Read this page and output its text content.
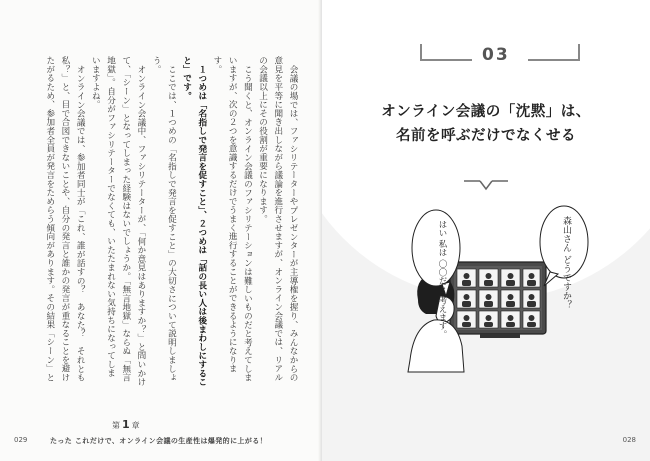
会議の場では、ファシリテーターやプレゼンターが主導権を握り、みんなからの意見を平等に聞き出しながら議論を進行させますが、オンライン会議では、リアルの会議以上にその役割が重要になります。

こう聞くと、オンライン会議のファシリテーションは難しいものだと考えてしまいますが、次の２つを意識するだけでうまく進行することができるようになります。

１つめは「名指しで発言を促すこと」、２つめは「話の長い人は後まわしにすること」です。

ここでは、１つめの「名指しで発言を促すこと」の大切さについて説明しましょう。

オンライン会議中、ファシリテーターが、「何か意見はありますか？」と問いかけて、「シーン」となってしまった経験はないでしょうか。「無言地獄」ならぬ「無言地獄」。自分がファシリテーターでなくても、いたたまれない気持ちになってしまいますよね。

オンライン会議では、参加者同士が「これ、誰が話すの？　あなた？　それとも私？」と、目で合図できないことや、自分の発言と誰かの発言が重なることを避けたがるため、参加者全員が発言をためらう傾向があります。その結果「シーン」と

第 1 章
029	たった これだけで、オンライン会議の生産性は爆発的に上がる！
03
オンライン会議の「沈黙」は、
名前を呼ぶだけでなくせる
森山さん どうですか？
はい 私は 〇〇だと 考えます。
028
